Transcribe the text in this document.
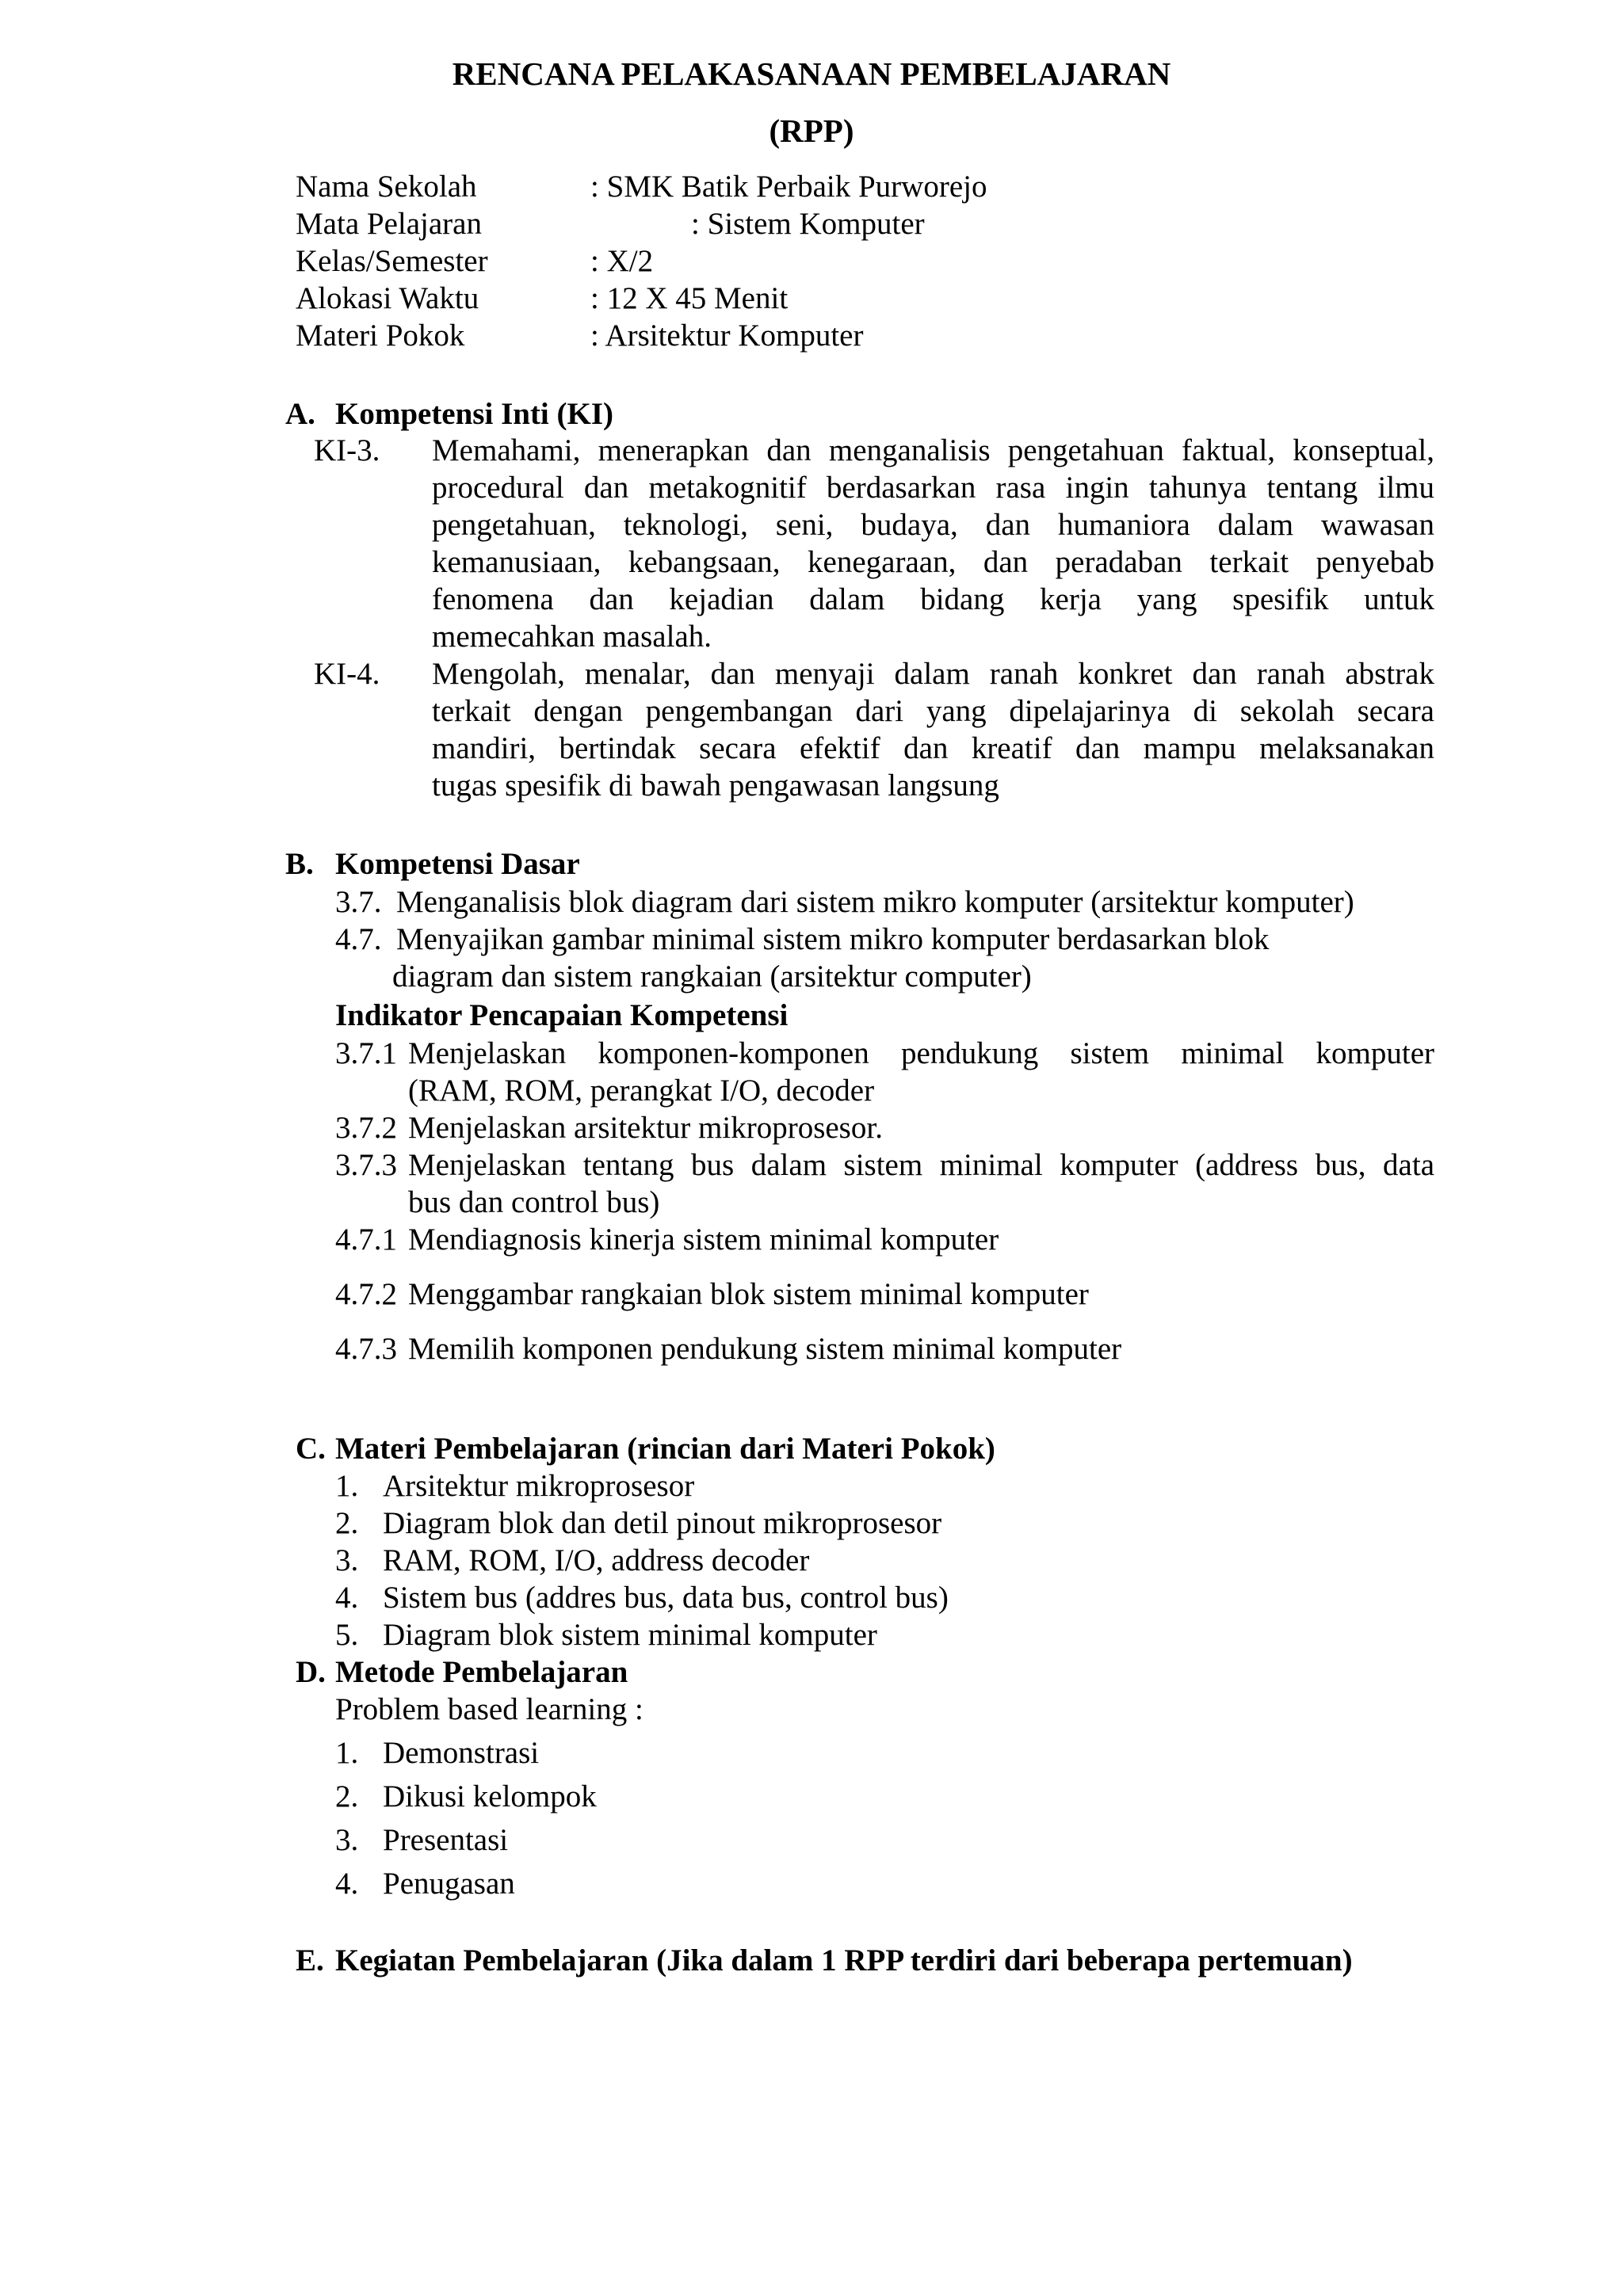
RENCANA PELAKASANAAN PEMBELAJARAN
(RPP)
Nama Sekolah	: SMK Batik Perbaik Purworejo
Mata Pelajaran	: Sistem Komputer
Kelas/Semester	: X/2
Alokasi Waktu	: 12 X 45 Menit
Materi Pokok	: Arsitektur Komputer
A. Kompetensi Inti (KI)
KI-3. Memahami, menerapkan dan menganalisis pengetahuan faktual, konseptual,
procedural dan metakognitif berdasarkan rasa ingin tahunya tentang ilmu
pengetahuan, teknologi, seni, budaya, dan humaniora dalam wawasan
kemanusiaan, kebangsaan, kenegaraan, dan peradaban terkait penyebab
fenomena dan kejadian dalam bidang kerja yang spesifik untuk
memecahkan masalah.
KI-4. Mengolah, menalar, dan menyaji dalam ranah konkret dan ranah abstrak
terkait dengan pengembangan dari yang dipelajarinya di sekolah secara
mandiri, bertindak secara efektif dan kreatif dan mampu melaksanakan
tugas spesifik di bawah pengawasan langsung
B. Kompetensi Dasar
3.7. Menganalisis blok diagram dari sistem mikro komputer (arsitektur komputer)
4.7. Menyajikan gambar minimal sistem mikro komputer berdasarkan blok
diagram dan sistem rangkaian (arsitektur computer)
Indikator Pencapaian Kompetensi
3.7.1 Menjelaskan komponen-komponen pendukung sistem minimal komputer
(RAM, ROM, perangkat I/O, decoder
3.7.2 Menjelaskan arsitektur mikroprosesor.
3.7.3 Menjelaskan tentang bus dalam sistem minimal komputer (address bus, data
bus dan control bus)
4.7.1 Mendiagnosis kinerja sistem minimal komputer
4.7.2 Menggambar rangkaian blok sistem minimal komputer
4.7.3 Memilih komponen pendukung sistem minimal komputer
C. Materi Pembelajaran (rincian dari Materi Pokok)
1. Arsitektur mikroprosesor
2. Diagram blok dan detil pinout mikroprosesor
3. RAM, ROM, I/O, address decoder
4. Sistem bus (addres bus, data bus, control bus)
5. Diagram blok sistem minimal komputer
D. Metode Pembelajaran
Problem based learning :
1. Demonstrasi
2. Dikusi kelompok
3. Presentasi
4. Penugasan
E. Kegiatan Pembelajaran (Jika dalam 1 RPP terdiri dari beberapa pertemuan)
